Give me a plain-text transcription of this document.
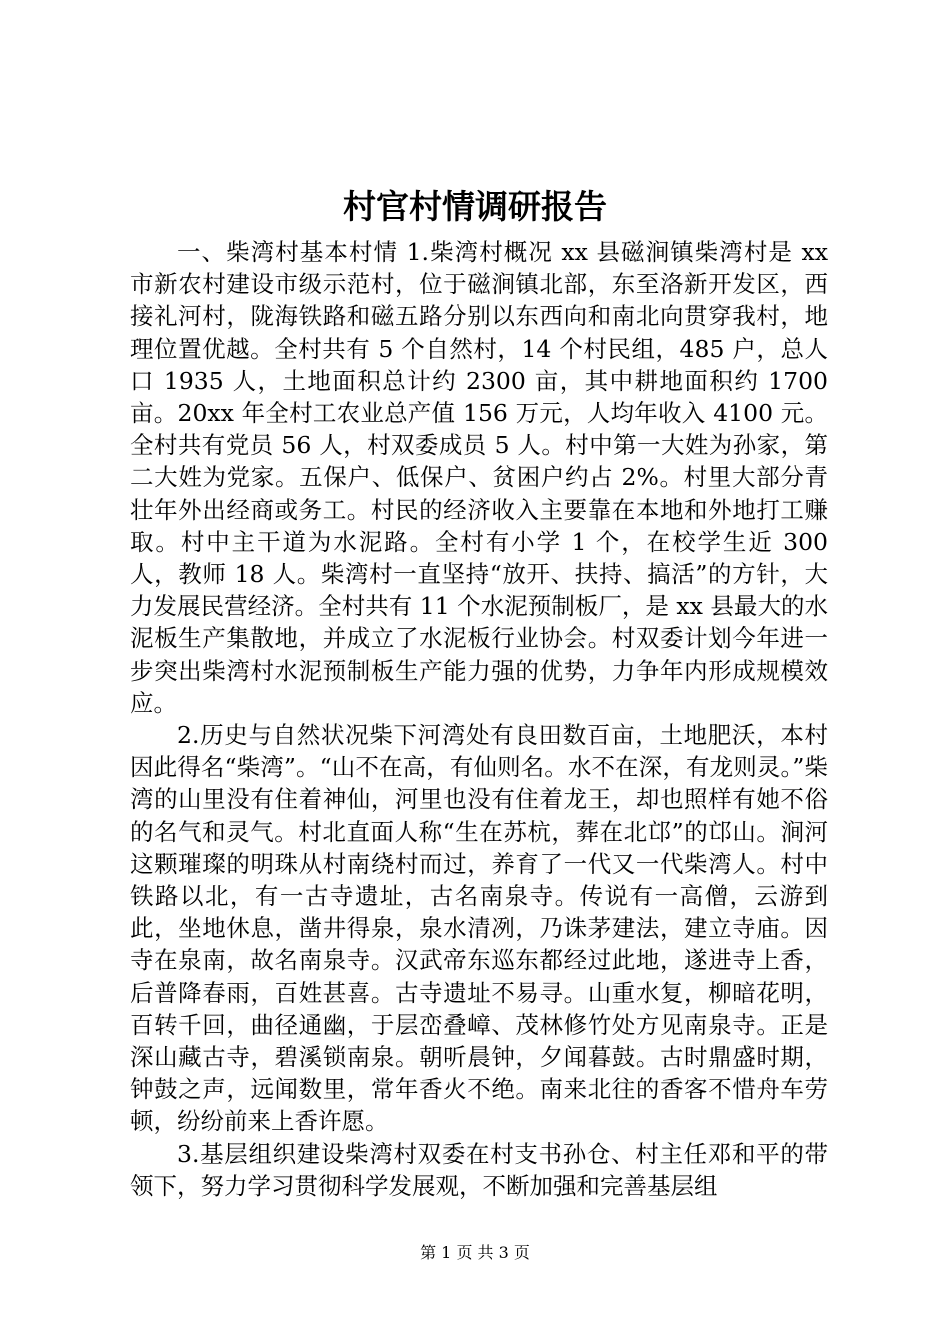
村官村情调研报告

一、柴湾村基本村情 1.柴湾村概况 xx 县磁涧镇柴湾村是 xx 市新农村建设市级示范村，位于磁涧镇北部，东至洛新开发区，西接礼河村，陇海铁路和磁五路分别以东西向和南北向贯穿我村，地理位置优越。全村共有 5 个自然村，14 个村民组，485 户，总人口 1935 人，土地面积总计约 2300 亩，其中耕地面积约 1700 亩。20xx 年全村工农业总产值 156 万元，人均年收入 4100 元。全村共有党员 56 人，村双委成员 5 人。村中第一大姓为孙家，第二大姓为党家。五保户、低保户、贫困户约占 2%。村里大部分青壮年外出经商或务工。村民的经济收入主要靠在本地和外地打工赚取。村中主干道为水泥路。全村有小学 1 个，在校学生近 300 人，教师 18 人。柴湾村一直坚持“放开、扶持、搞活”的方针，大力发展民营经济。全村共有 11 个水泥预制板厂，是 xx 县最大的水泥板生产集散地，并成立了水泥板行业协会。村双委计划今年进一步突出柴湾村水泥预制板生产能力强的优势，力争年内形成规模效应。

2.历史与自然状况柴下河湾处有良田数百亩，土地肥沃，本村因此得名“柴湾”。“山不在高，有仙则名。水不在深，有龙则灵。”柴湾的山里没有住着神仙，河里也没有住着龙王，却也照样有她不俗的名气和灵气。村北直面人称“生在苏杭，葬在北邙”的邙山。涧河这颗璀璨的明珠从村南绕村而过，养育了一代又一代柴湾人。村中铁路以北，有一古寺遗址，古名南泉寺。传说有一高僧，云游到此，坐地休息，凿井得泉，泉水清冽，乃诛茅建法，建立寺庙。因寺在泉南，故名南泉寺。汉武帝东巡东都经过此地，遂进寺上香，后普降春雨，百姓甚喜。古寺遗址不易寻。山重水复，柳暗花明，百转千回，曲径通幽，于层峦叠嶂、茂林修竹处方见南泉寺。正是深山藏古寺，碧溪锁南泉。朝听晨钟，夕闻暮鼓。古时鼎盛时期，钟鼓之声，远闻数里，常年香火不绝。南来北往的香客不惜舟车劳顿，纷纷前来上香许愿。

3.基层组织建设柴湾村双委在村支书孙仓、村主任邓和平的带领下，努力学习贯彻科学发展观，不断加强和完善基层组

第 1 页 共 3 页
